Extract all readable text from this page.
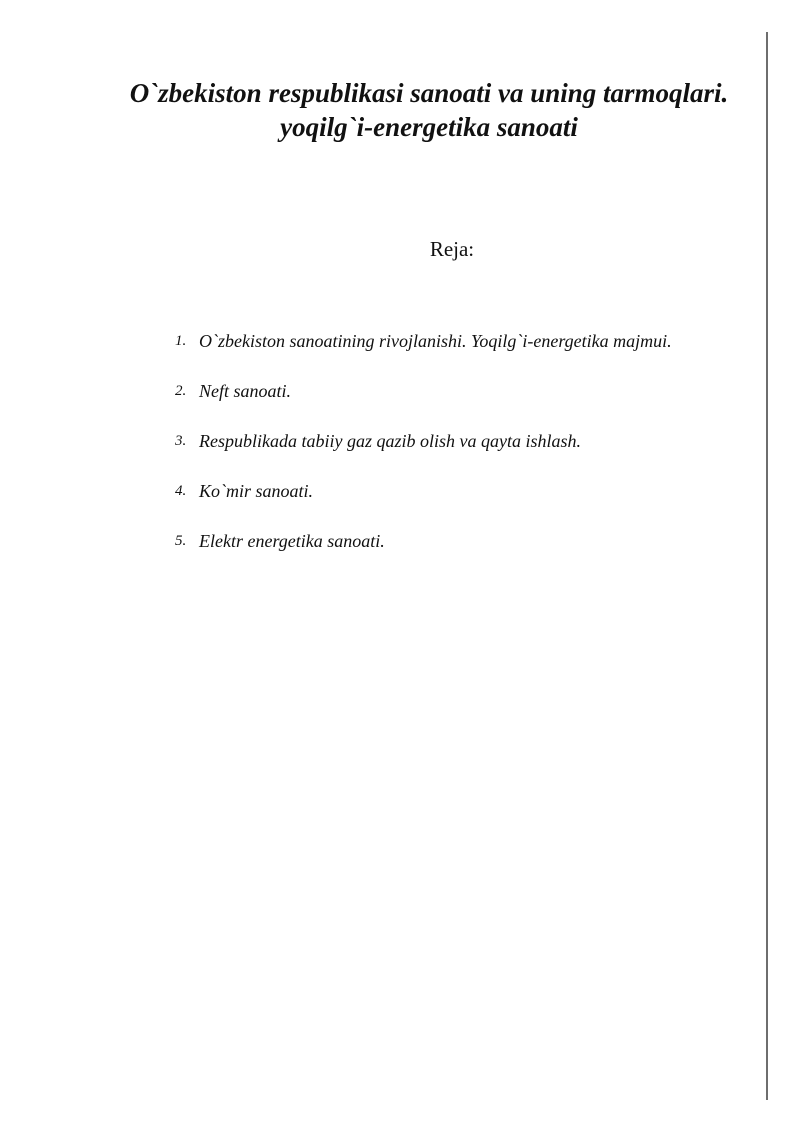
O`zbekiston respublikasi sanoati va uning tarmoqlari. yoqilg`i-energetika sanoati
Reja:
1. O`zbekiston sanoatining rivojlanishi. Yoqilg`i-energetika majmui.
2. Neft sanoati.
3. Respublikada tabiiy gaz qazib olish va qayta ishlash.
4. Ko`mir sanoati.
5. Elektr energetika sanoati.
